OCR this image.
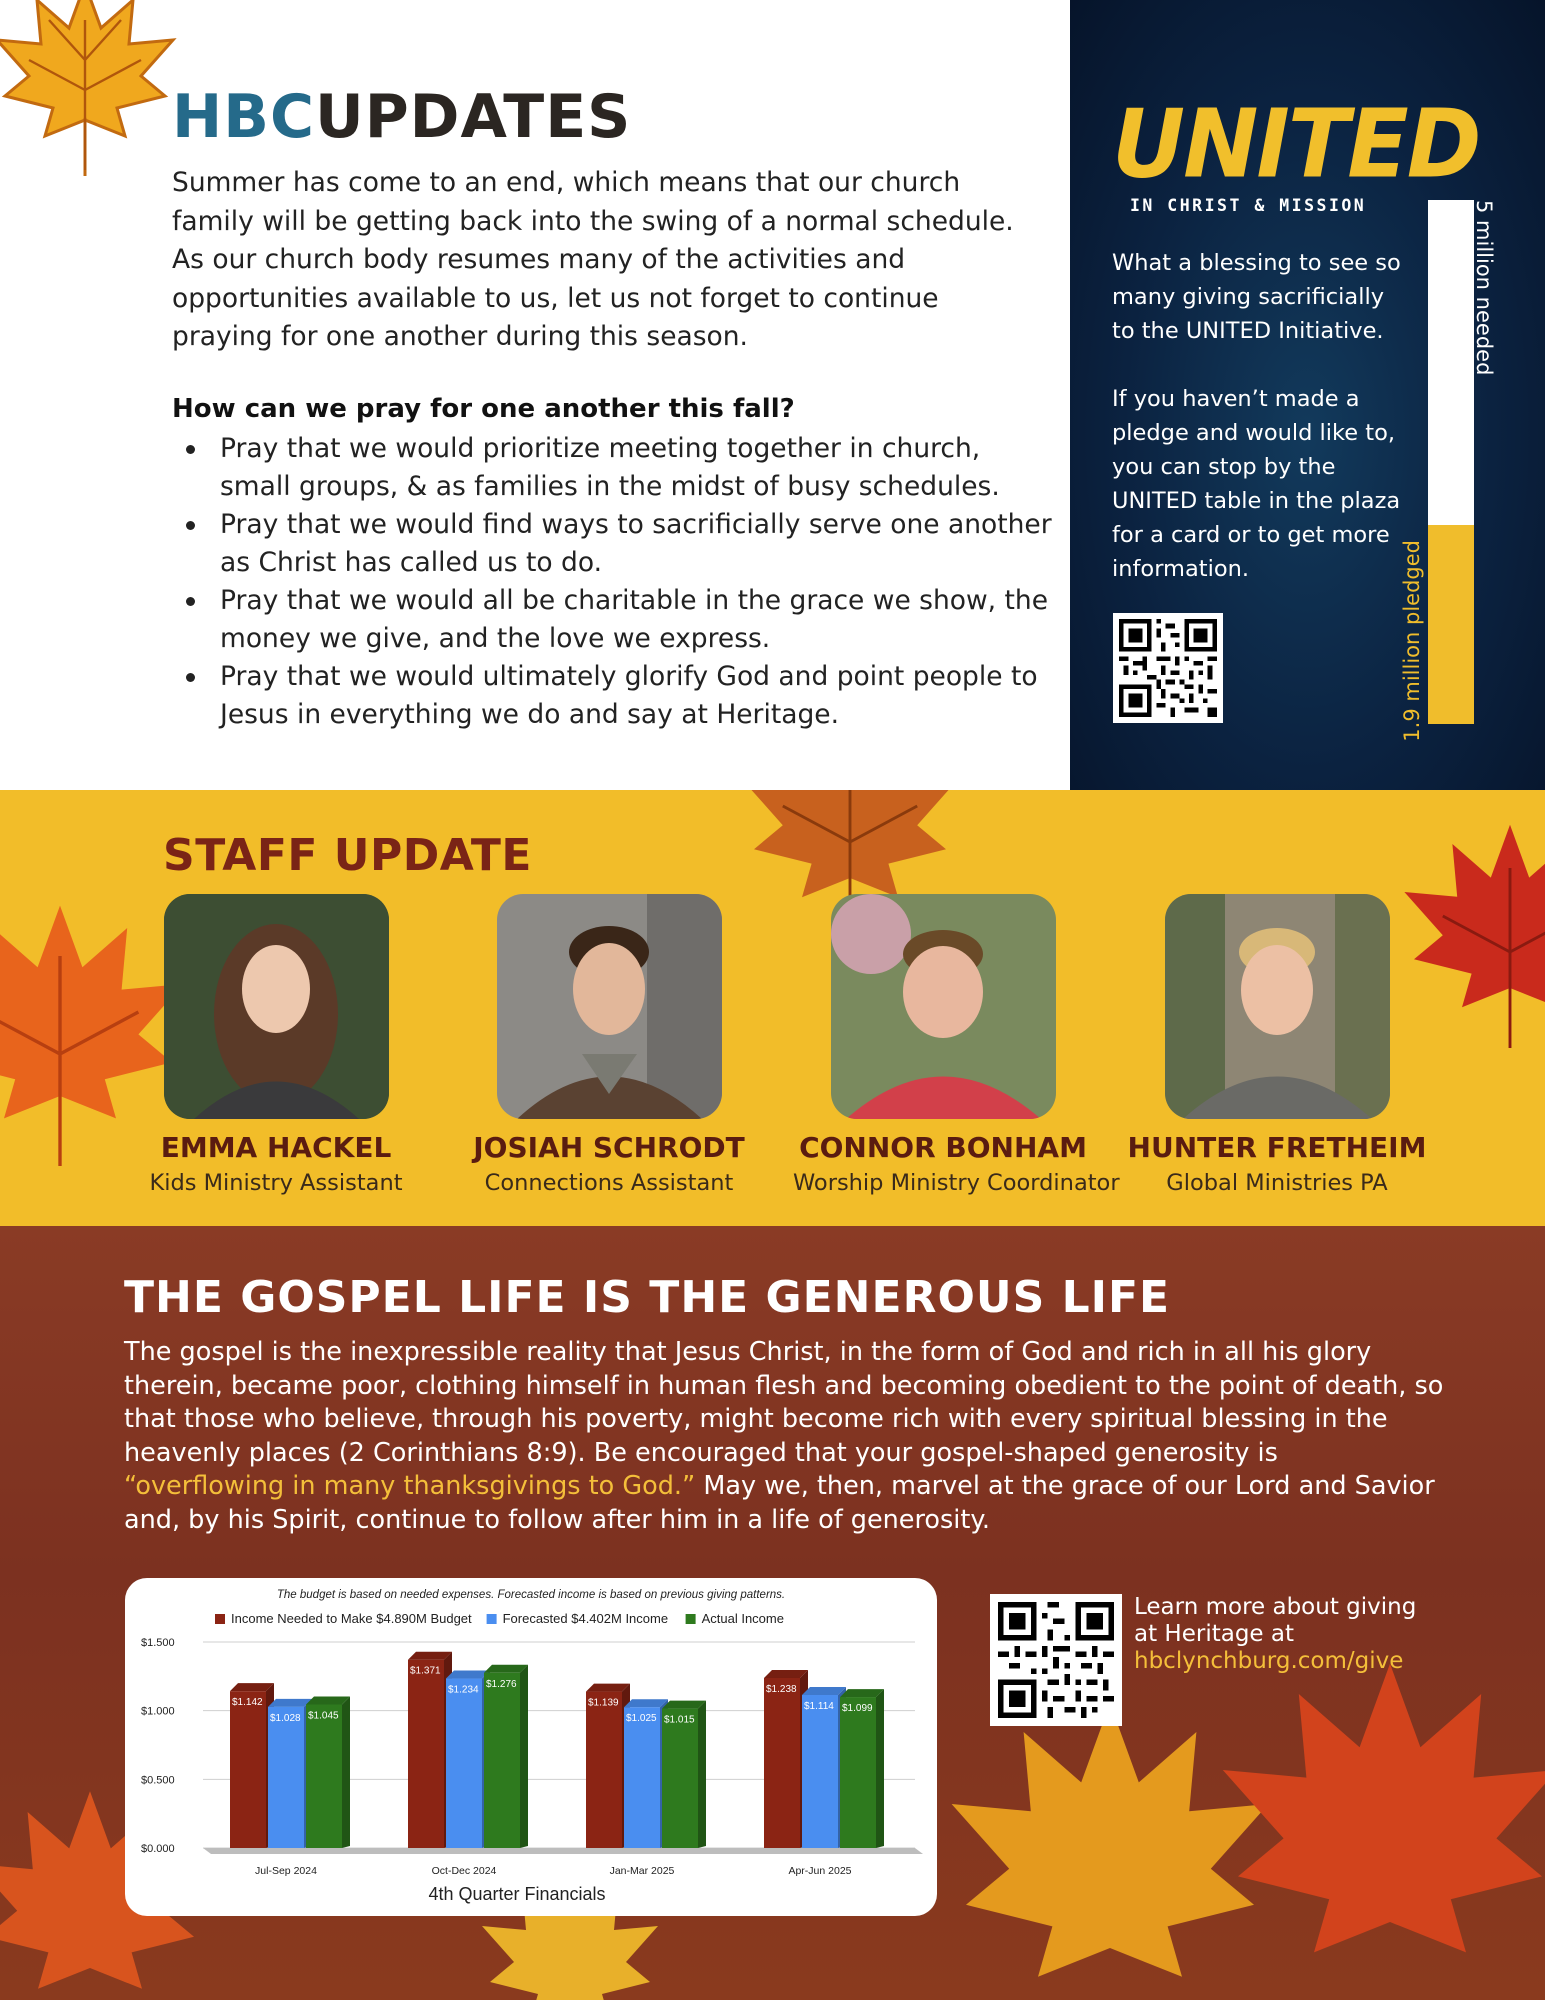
HBCUPDATES

Summer has come to an end, which means that our church family will be getting back into the swing of a normal schedule. As our church body resumes many of the activities and opportunities available to us, let us not forget to continue praying for one another during this season.

How can we pray for one another this fall?
Pray that we would prioritize meeting together in church, small groups, & as families in the midst of busy schedules.
Pray that we would find ways to sacrificially serve one another as Christ has called us to do.
Pray that we would all be charitable in the grace we show, the money we give, and the love we express.
Pray that we would ultimately glorify God and point people to Jesus in everything we do and say at Heritage.
UNITED
IN CHRIST & MISSION

What a blessing to see so many giving sacrificially to the UNITED Initiative.

If you haven’t made a pledge and would like to, you can stop by the UNITED table in the plaza for a card or to get more information.

5 million needed
1.9 million pledged
STAFF UPDATE
EMMA HACKEL
Kids Ministry Assistant
JOSIAH SCHRODT
Connections Assistant
CONNOR BONHAM
Worship Ministry Coordinator
HUNTER FRETHEIM
Global Ministries PA
THE GOSPEL LIFE IS THE GENEROUS LIFE

The gospel is the inexpressible reality that Jesus Christ, in the form of God and rich in all his glory therein, became poor, clothing himself in human flesh and becoming obedient to the point of death, so that those who believe, through his poverty, might become rich with every spiritual blessing in the heavenly places (2 Corinthians 8:9). Be encouraged that your gospel-shaped generosity is “overflowing in many thanksgivings to God.” May we, then, marvel at the grace of our Lord and Savior and, by his Spirit, continue to follow after him in a life of generosity.

The budget is based on needed expenses. Forecasted income is based on previous giving patterns.
Income Needed to Make $4.890M Budget Forecasted $4.402M Income	Actual Income
$0.000
$0.500
$1.000
$1.500
$1.142
$1.028 $1.045
Jul-Sep 2024
$1.371
$1.234
$1.276
Oct-Dec 2024
$1.139
$1.025 $1.015
Jan-Mar 2025
$1.238
$1.114 $1.099
Apr-Jun 2025
4th Quarter Financials
Learn more about giving at Heritage at
hbclynchburg.com/give
